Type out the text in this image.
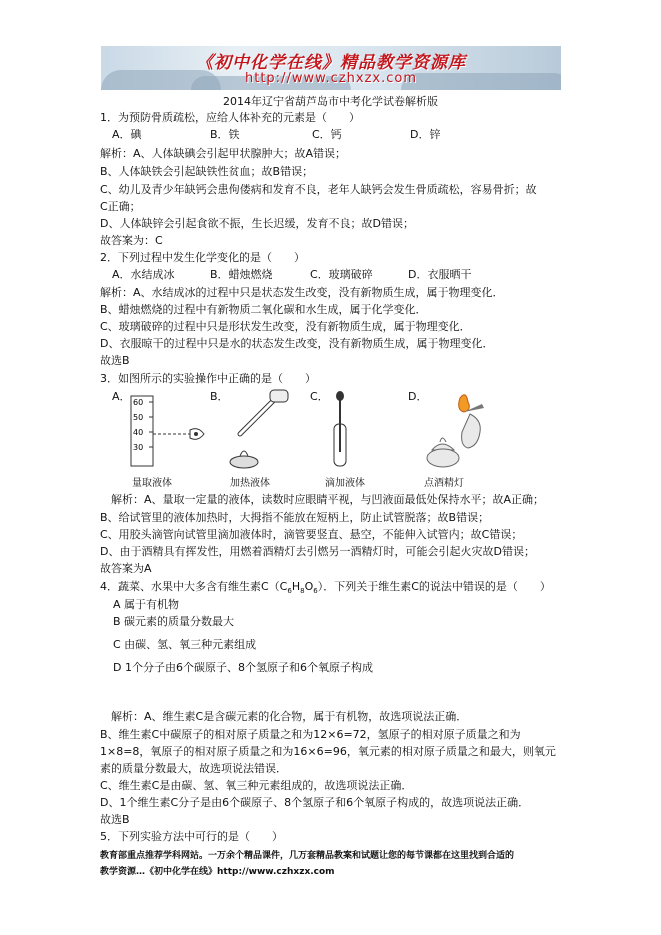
《初中化学在线》精品教学资源库
http://www.czhxzx.com
2014年辽宁省葫芦岛市中考化学试卷解析版
1．为预防骨质疏松，应给人体补充的元素是（　　）
A．碘	B．铁	C．钙	D．锌
解析：A、人体缺碘会引起甲状腺肿大；故A错误；
B、人体缺铁会引起缺铁性贫血；故B错误；
C、幼儿及青少年缺钙会患佝偻病和发育不良，老年人缺钙会发生骨质疏松，容易骨折；故
C正确；
D、人体缺锌会引起食欲不振，生长迟缓，发育不良；故D错误；
故答案为：C
2．下列过程中发生化学变化的是（　　）
A．水结成冰	B．蜡烛燃烧	C．玻璃破碎	D．衣服晒干
解析：A、水结成冰的过程中只是状态发生改变，没有新物质生成，属于物理变化．
B、蜡烛燃烧的过程中有新物质二氧化碳和水生成，属于化学变化．
C、玻璃破碎的过程中只是形状发生改变，没有新物质生成，属于物理变化．
D、衣服晾干的过程中只是水的状态发生改变，没有新物质生成，属于物理变化．
故选B
3．如图所示的实验操作中正确的是（　　）
A．	B．	C．	D．
60
50
40
30
量取液体	加热液体	滴加液体	点酒精灯
　解析：A、量取一定量的液体，读数时应眼睛平视，与凹液面最低处保持水平；故A正确；
B、给试管里的液体加热时，大拇指不能放在短柄上，防止试管脱落；故B错误；
C、用胶头滴管向试管里滴加液体时，滴管要竖直、悬空，不能伸入试管内；故C错误；
D、由于酒精具有挥发性，用燃着酒精灯去引燃另一酒精灯时，可能会引起火灾故D错误；
故答案为A
4．蔬菜、水果中大多含有维生素$C(C_6H_8O_6)$．下列关于维生素C的说法中错误的是（　　）
A 属于有机物
B 碳元素的质量分数最大
C 由碳、氢、氧三种元素组成
D 1个分子由6个碳原子、8个氢原子和6个氧原子构成
　解析：A、维生素C是含碳元素的化合物，属于有机物，故选项说法正确．
B、维生素C中碳原子的相对原子质量之和为12×6=72，氢原子的相对原子质量之和为
1×8=8，氧原子的相对原子质量之和为16×6=96，氧元素的相对原子质量之和最大，则氧元
素的质量分数最大，故选项说法错误．
C、维生素C是由碳、氢、氧三种元素组成的，故选项说法正确．
D、1个维生素C分子是由6个碳原子、8个氢原子和6个氧原子构成的，故选项说法正确．
故选B
5．下列实验方法中可行的是（　　）
教育部重点推荐学科网站。一万余个精品课件，几万套精品教案和试题让您的每节课都在这里找到合适的
教学资源…《初中化学在线》http://www.czhxzx.com
